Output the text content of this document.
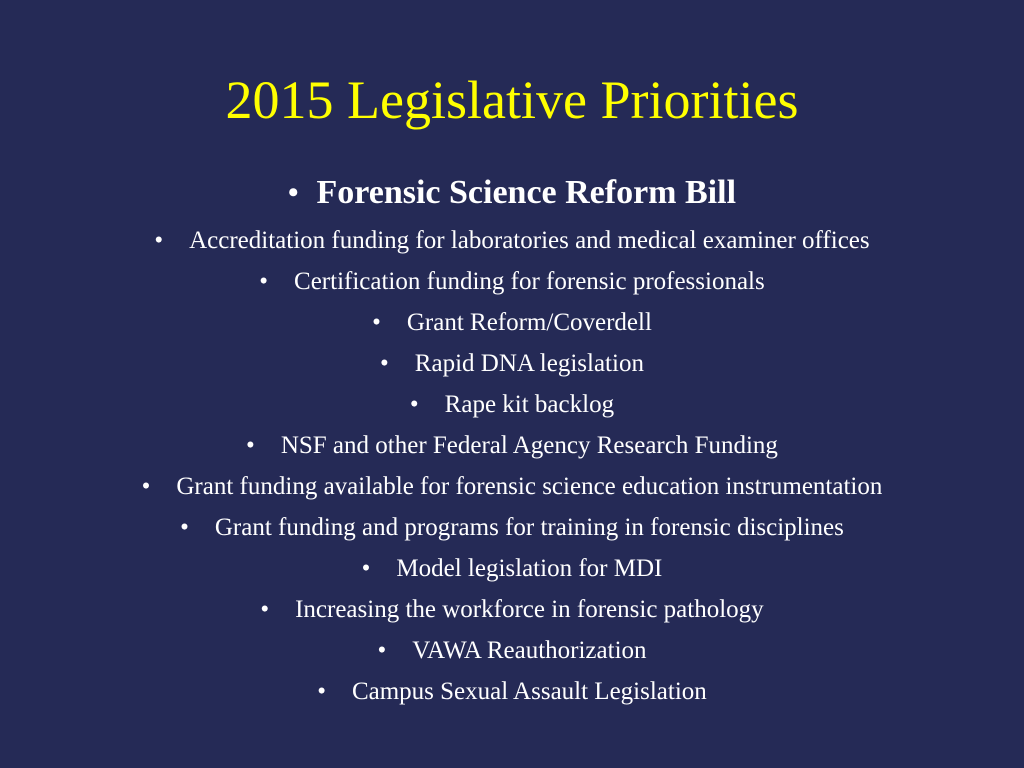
2015 Legislative Priorities
• Forensic Science Reform Bill
• Accreditation funding for laboratories and medical examiner offices
• Certification funding for forensic professionals
• Grant Reform/Coverdell
• Rapid DNA legislation
• Rape kit backlog
• NSF and other Federal Agency Research Funding
• Grant funding available for forensic science education instrumentation
• Grant funding and programs for training in forensic disciplines
• Model legislation for MDI
• Increasing the workforce in forensic pathology
• VAWA Reauthorization
• Campus Sexual Assault Legislation
